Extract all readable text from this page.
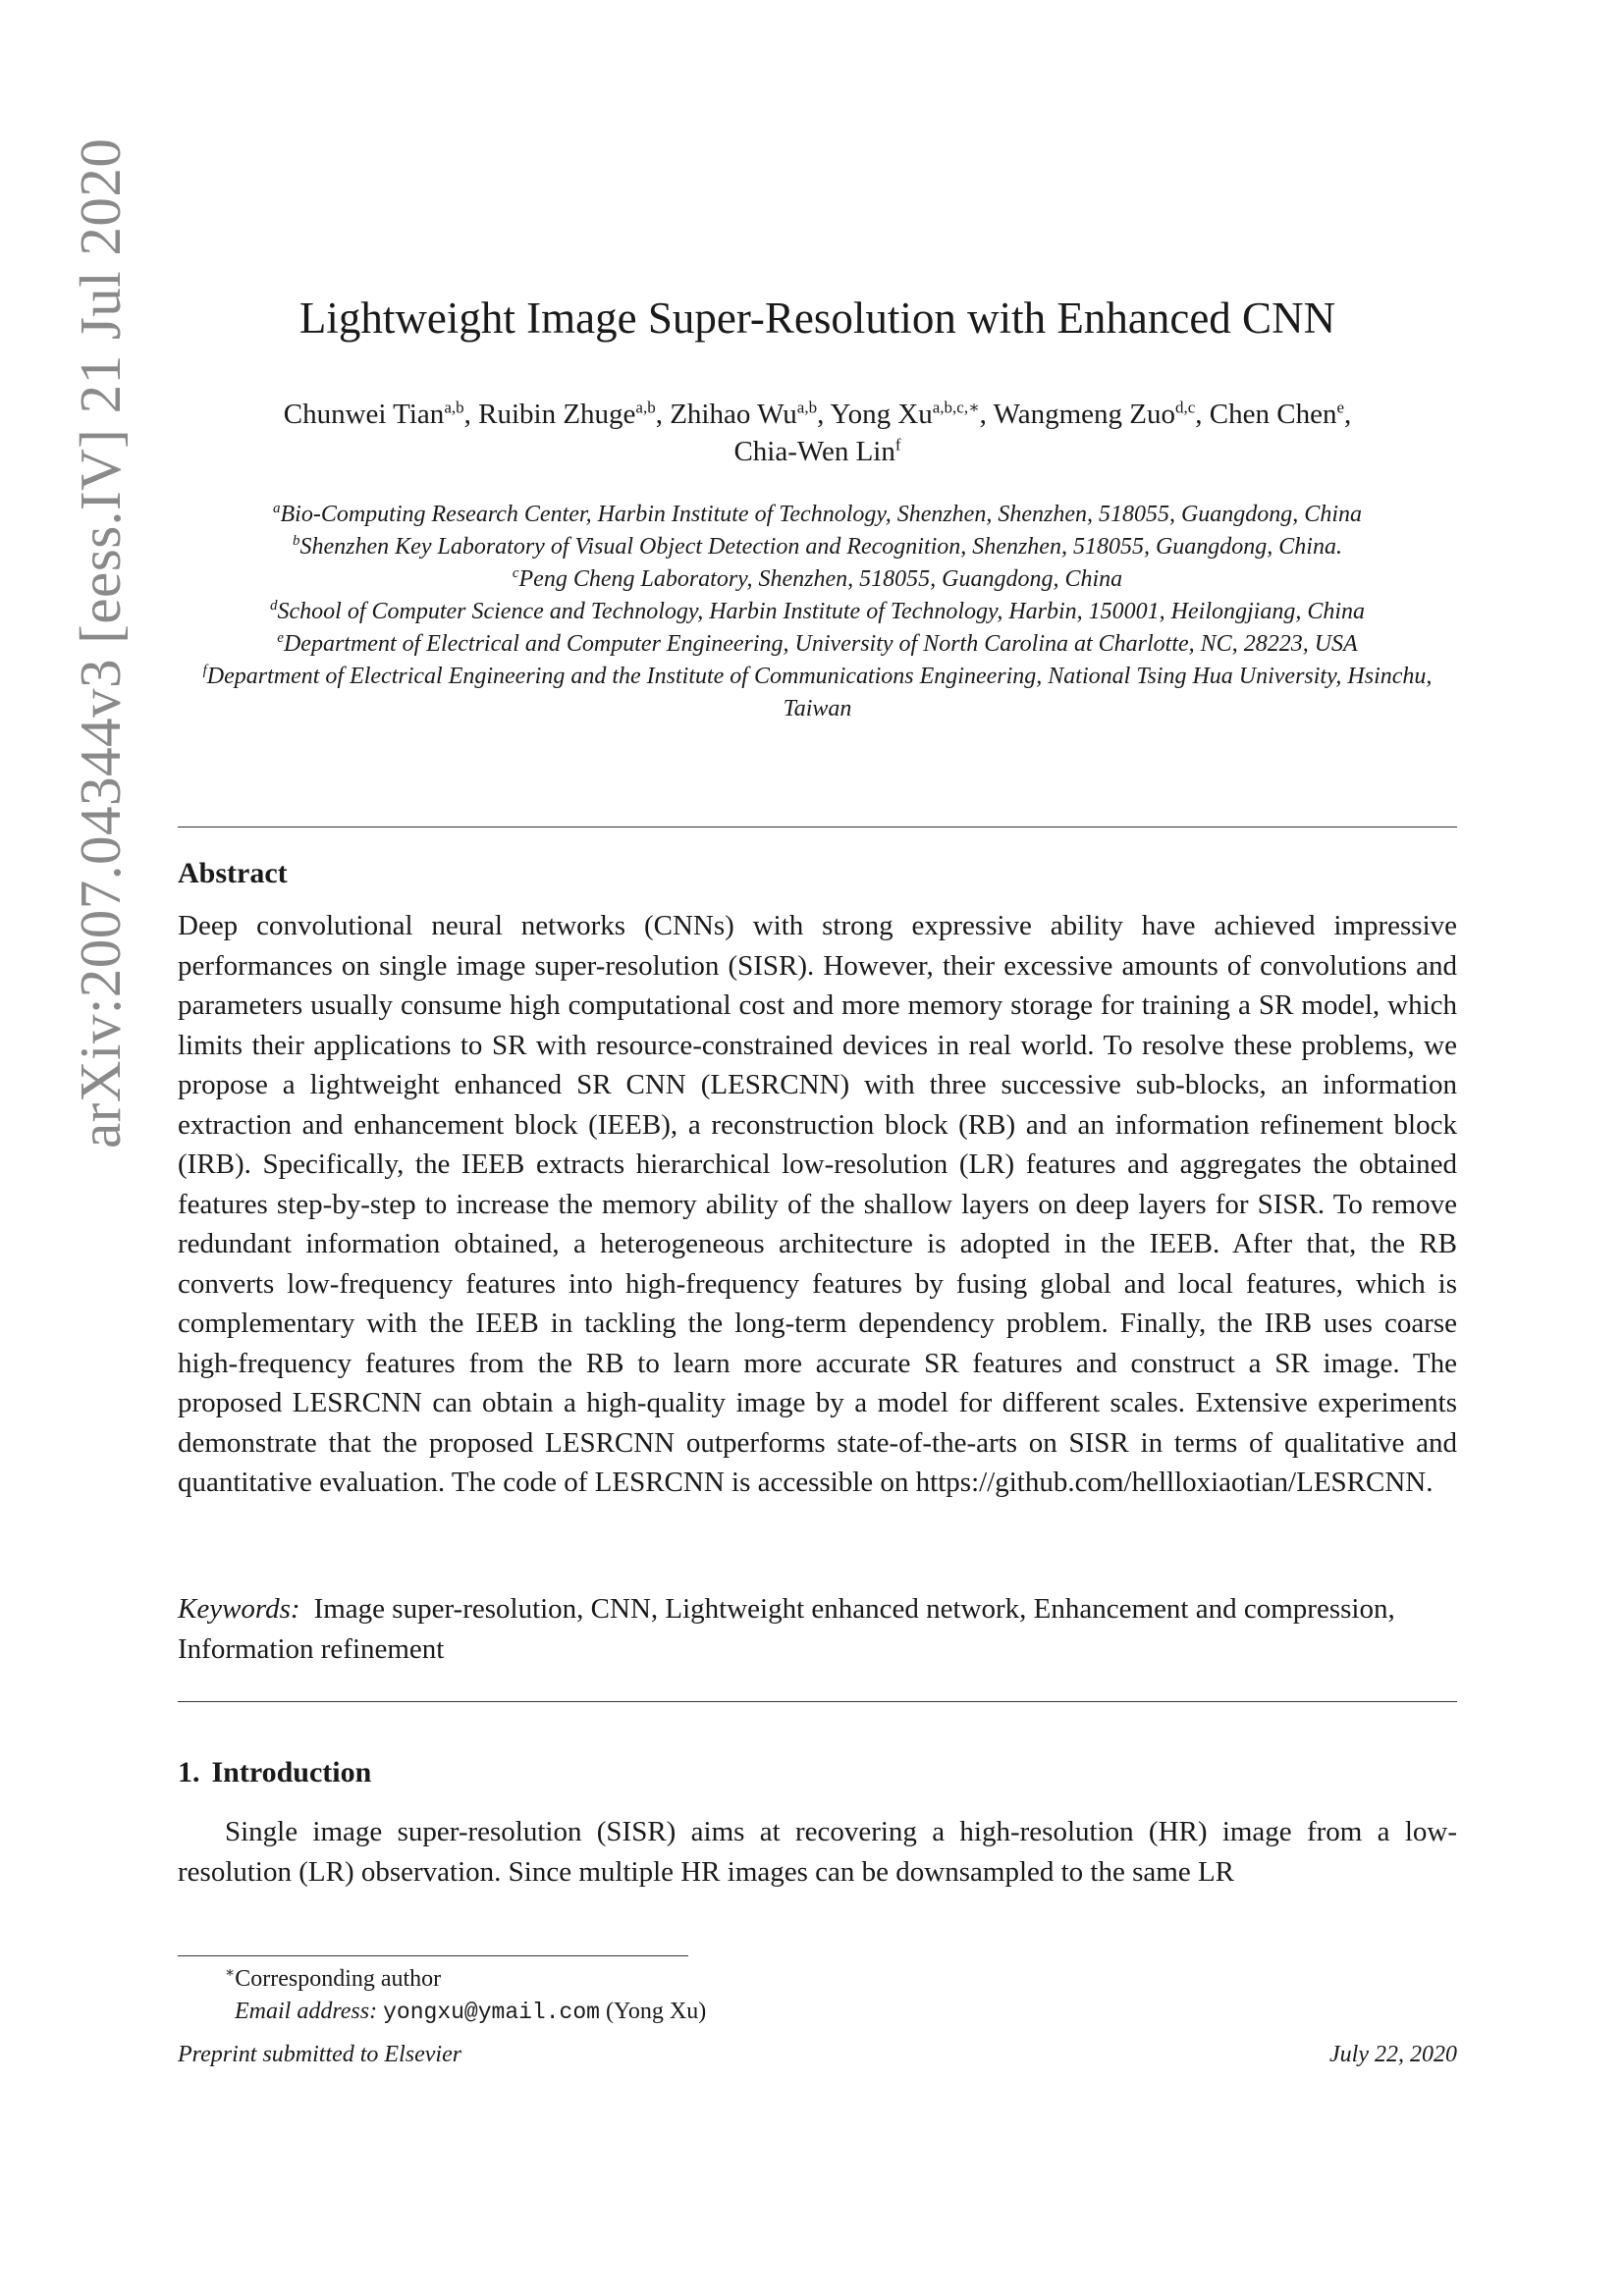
arXiv:2007.04344v3 [eess.IV] 21 Jul 2020	Lightweight Image Super-Resolution with Enhanced CNN
Chunwei Tian$^{a,b}$, Ruibin Zhuge$^{a,b}$, Zhihao Wu$^{a,b}$, Yong $Xu^{a,b,c,∗}$, Wangmeng Zuo$^{d,c}$, Chen Chen$^e$,
Chia-Wen Lin$^f$
$^a$Bio-Computing Research Center, Harbin Institute of Technology, Shenzhen, Shenzhen, 518055, Guangdong, China
$^b$Shenzhen Key Laboratory of Visual Object Detection and Recognition, Shenzhen, 518055, Guangdong, China.
$^c$Peng Cheng Laboratory, Shenzhen, 518055, Guangdong, China
$^d$School of Computer Science and Technology, Harbin Institute of Technology, Harbin, 150001, Heilongjiang, China
$^e$Department of Electrical and Computer Engineering, University of North Carolina at Charlotte, NC, 28223, USA
$^f$Department of Electrical Engineering and the Institute of Communications Engineering, National Tsing Hua University, Hsinchu, Taiwan
Abstract
Deep convolutional neural networks (CNNs) with strong expressive ability have achieved impressive performances on single image super-resolution (SISR). However, their excessive amounts of convolutions and parameters usually consume high computational cost and more memory storage for training a SR model, which limits their applications to SR with resource-constrained devices in real world. To resolve these problems, we propose a lightweight enhanced SR CNN (LESRCNN) with three successive sub-blocks, an information extraction and enhancement block (IEEB), a reconstruction block (RB) and an information refinement block (IRB). Specifically, the IEEB extracts hierarchical low-resolution (LR) features and aggregates the obtained features step-by-step to increase the memory ability of the shallow layers on deep layers for SISR. To remove redundant information obtained, a heterogeneous architecture is adopted in the IEEB. After that, the RB converts low-frequency features into high-frequency features by fusing global and local features, which is complementary with the IEEB in tackling the long-term dependency problem. Finally, the IRB uses coarse high-frequency features from the RB to learn more accurate SR features and construct a SR image. The proposed LESRCNN can obtain a high-quality image by a model for different scales. Extensive experiments demonstrate that the proposed LESRCNN outperforms state-of-the-arts on SISR in terms of qualitative and quantitative evaluation. The code of LESRCNN is accessible on https://github.com/hellloxiaotian/LESRCNN.
Keywords: Image super-resolution, CNN, Lightweight enhanced network, Enhancement and compression, Information refinement
1. Introduction
Single image super-resolution (SISR) aims at recovering a high-resolution (HR) image from a low-resolution (LR) observation. Since multiple HR images can be downsampled to the same LR
∗Corresponding author
Email address: yongxu@ymail.com (Yong Xu)
Preprint submitted to Elsevier	July 22, 2020
